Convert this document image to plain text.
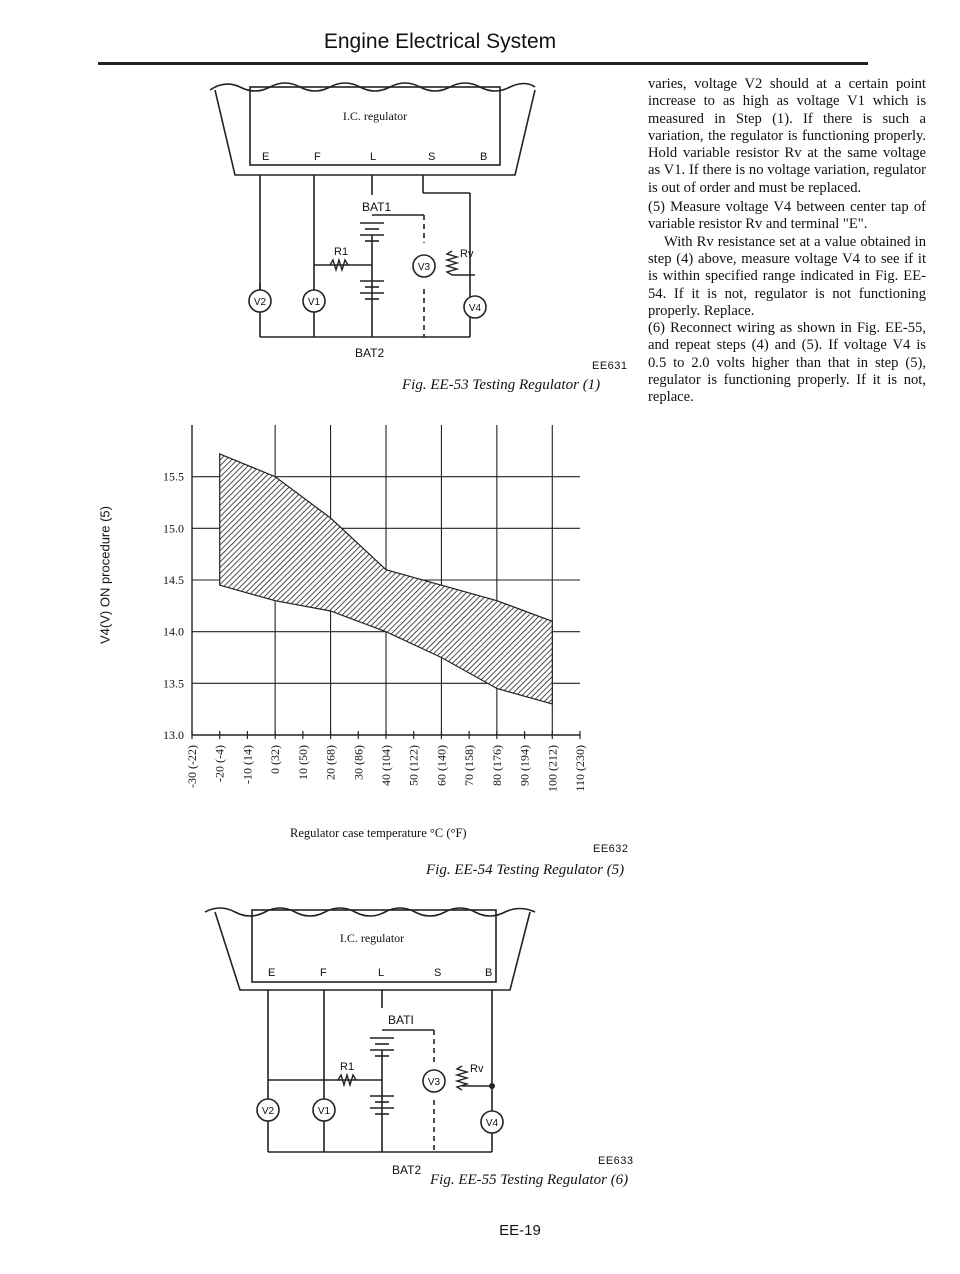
Engine Electrical System
I.C. regulator
E	F	L	S	B
BAT1
BAT2
R1	Rv
V3
V2	V1
V4
EE631
Fig. EE-53 Testing Regulator (1)
V4(V) ON procedure (5)
15.5
15.0
14.5
14.0
13.5
13.0
-30 (-22) -20 (-4) -10 (14) 0 (32) 10 (50) 20 (68) 30 (86) 40 (104) 50 (122) 60 (140) 70 (158) 80 (176) 90 (194) 100 (212) 110 (230)
Regulator case temperature °C (°F)
EE632
Fig. EE-54 Testing Regulator (5)
I.C. regulator
E	F	L	S	B
BATI
BAT2
R1	Rv
V3
V2	V1
V4
EE633
Fig. EE-55 Testing Regulator (6)

varies, voltage V2 should at a certain point increase to as high as voltage V1 which is measured in Step (1). If there is such a variation, the regulator is functioning properly. Hold variable resistor Rv at the same voltage as V1. If there is no voltage variation, regulator is out of order and must be replaced.

(5) Measure voltage V4 between center tap of variable resistor Rv and terminal "E".

With Rv resistance set at a value obtained in step (4) above, measure voltage V4 to see if it is within specified range indicated in Fig. EE-54. If it is not, regulator is not functioning properly. Replace.

(6) Reconnect wiring as shown in Fig. EE-55, and repeat steps (4) and (5). If voltage V4 is 0.5 to 2.0 volts higher than that in step (5), regulator is functioning properly. If it is not, replace.

EE-19
